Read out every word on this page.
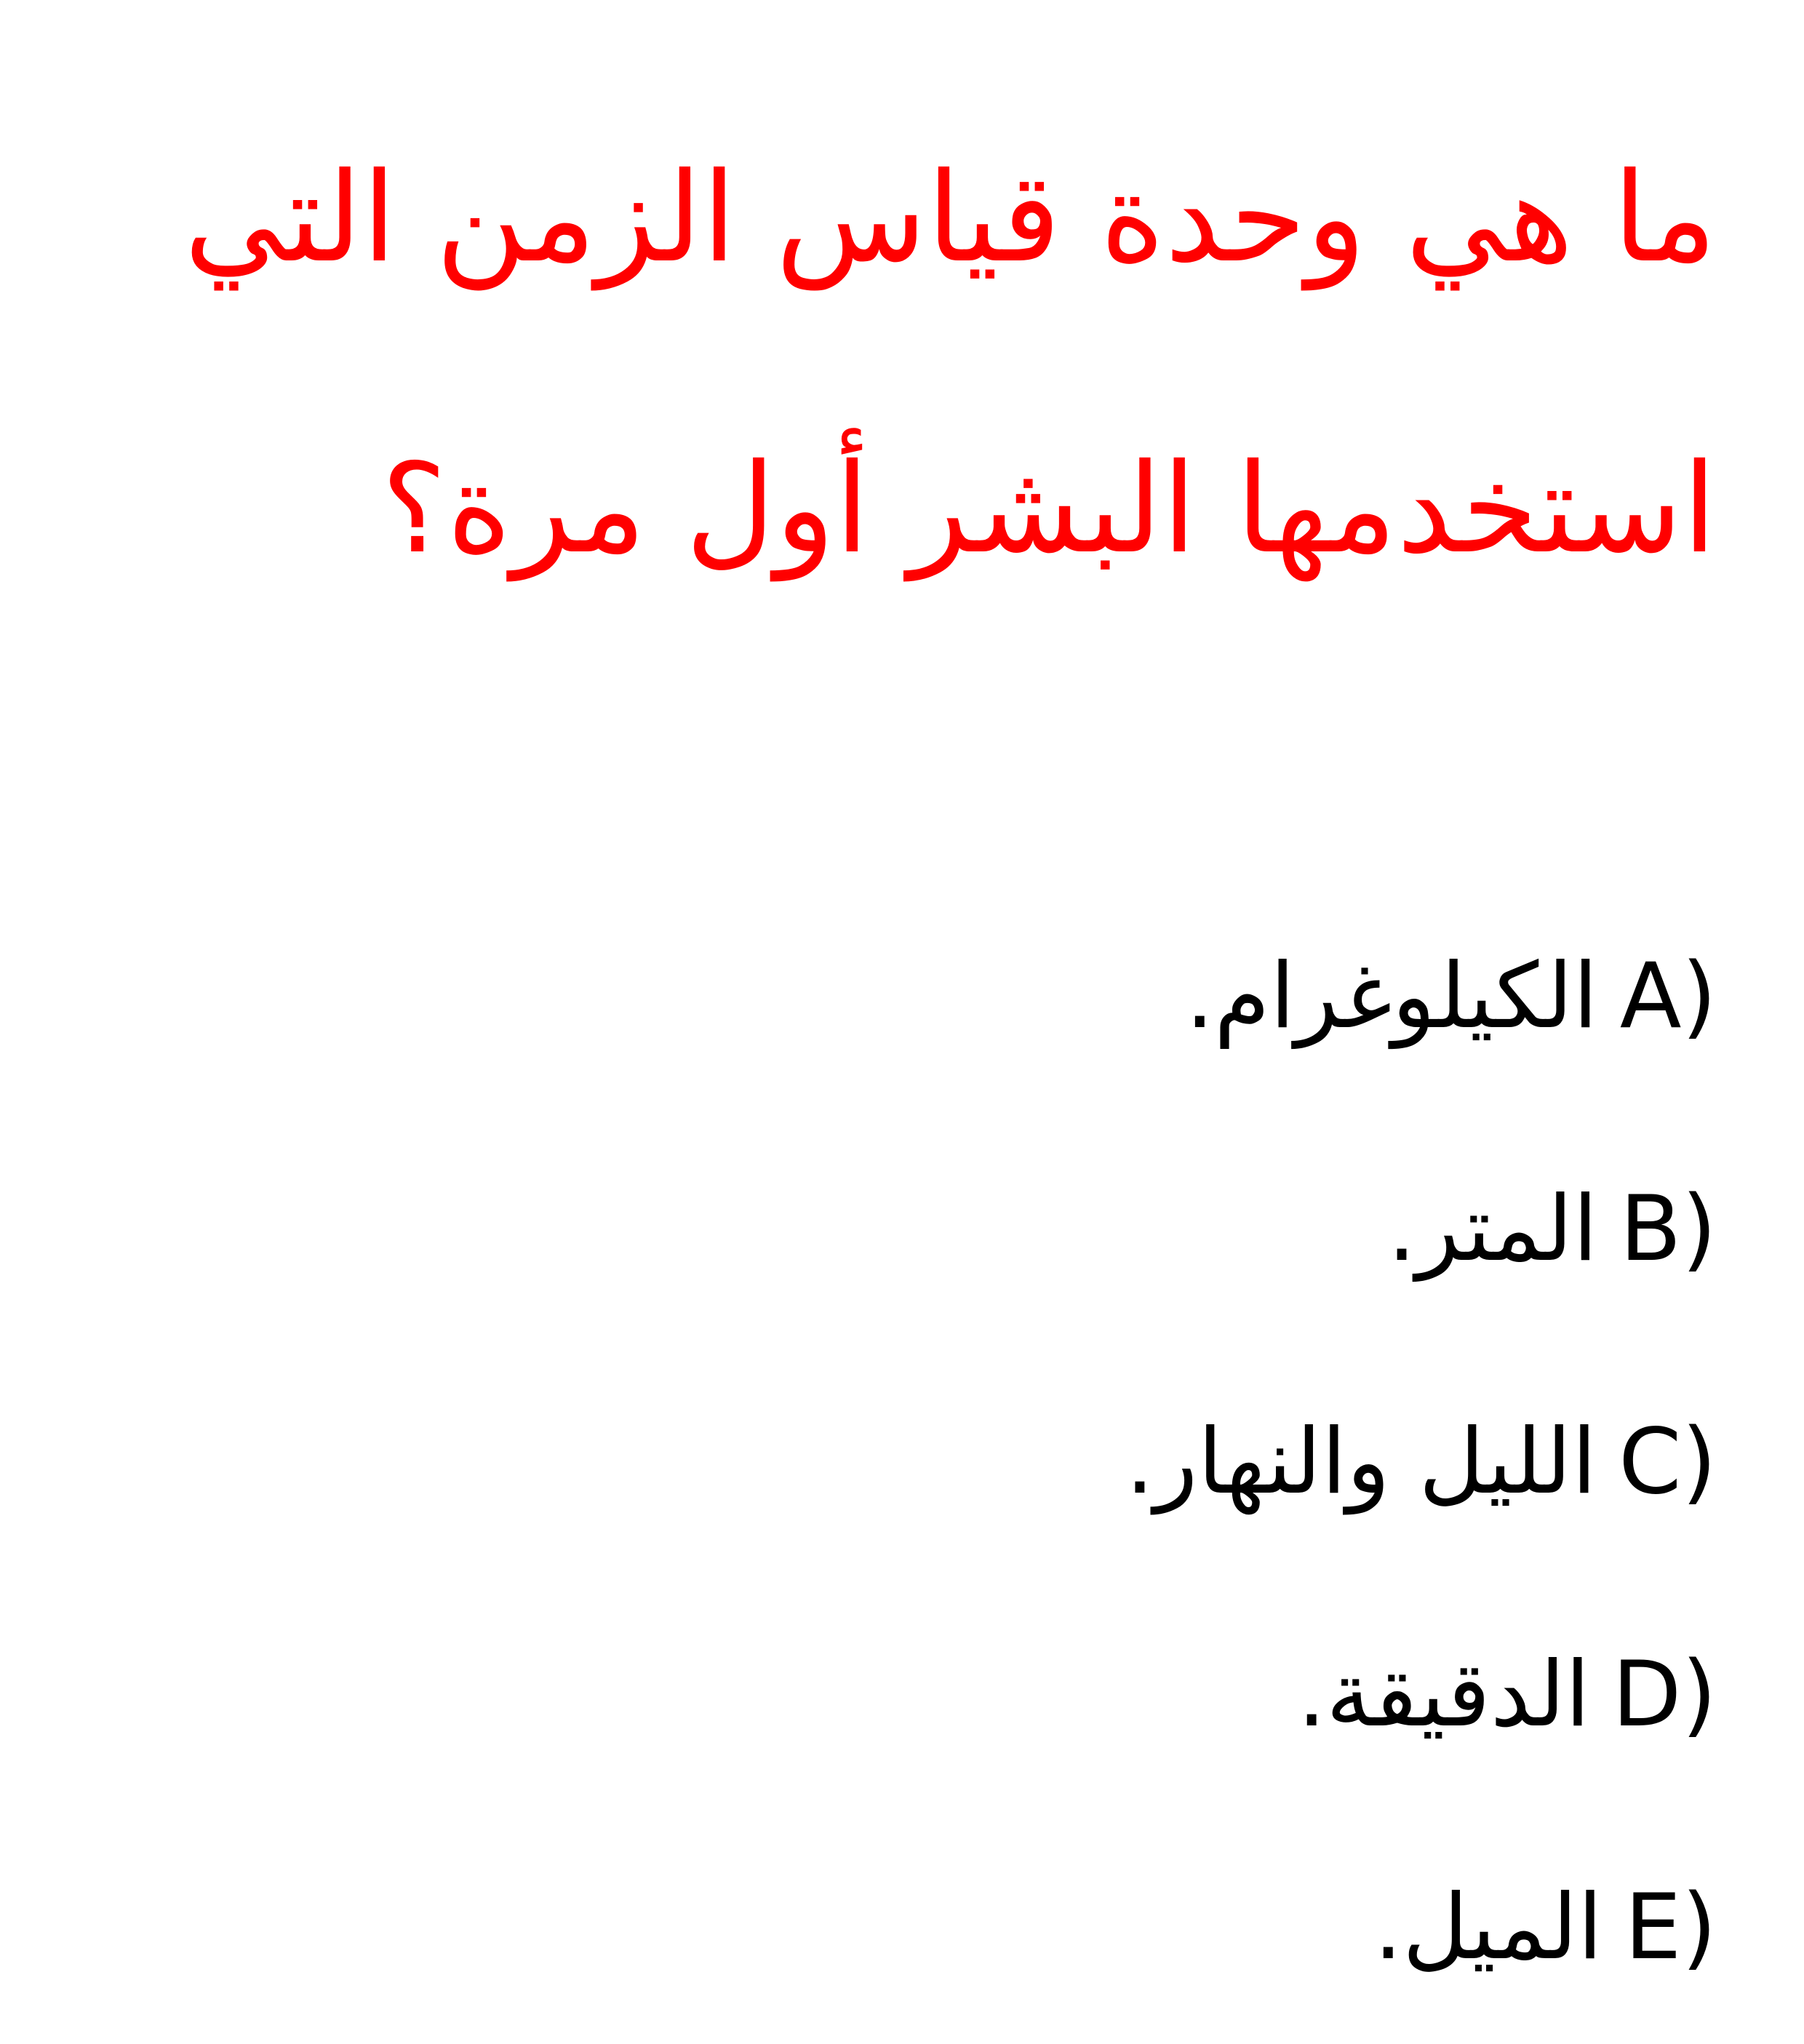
ما هي وحدة قياس الزمن التي استخدمها البشر أول مرة؟
A)الكيلوغرام.
B)المتر.
C)الليل والنهار.
D)الدقيقة.
E)الميل.
